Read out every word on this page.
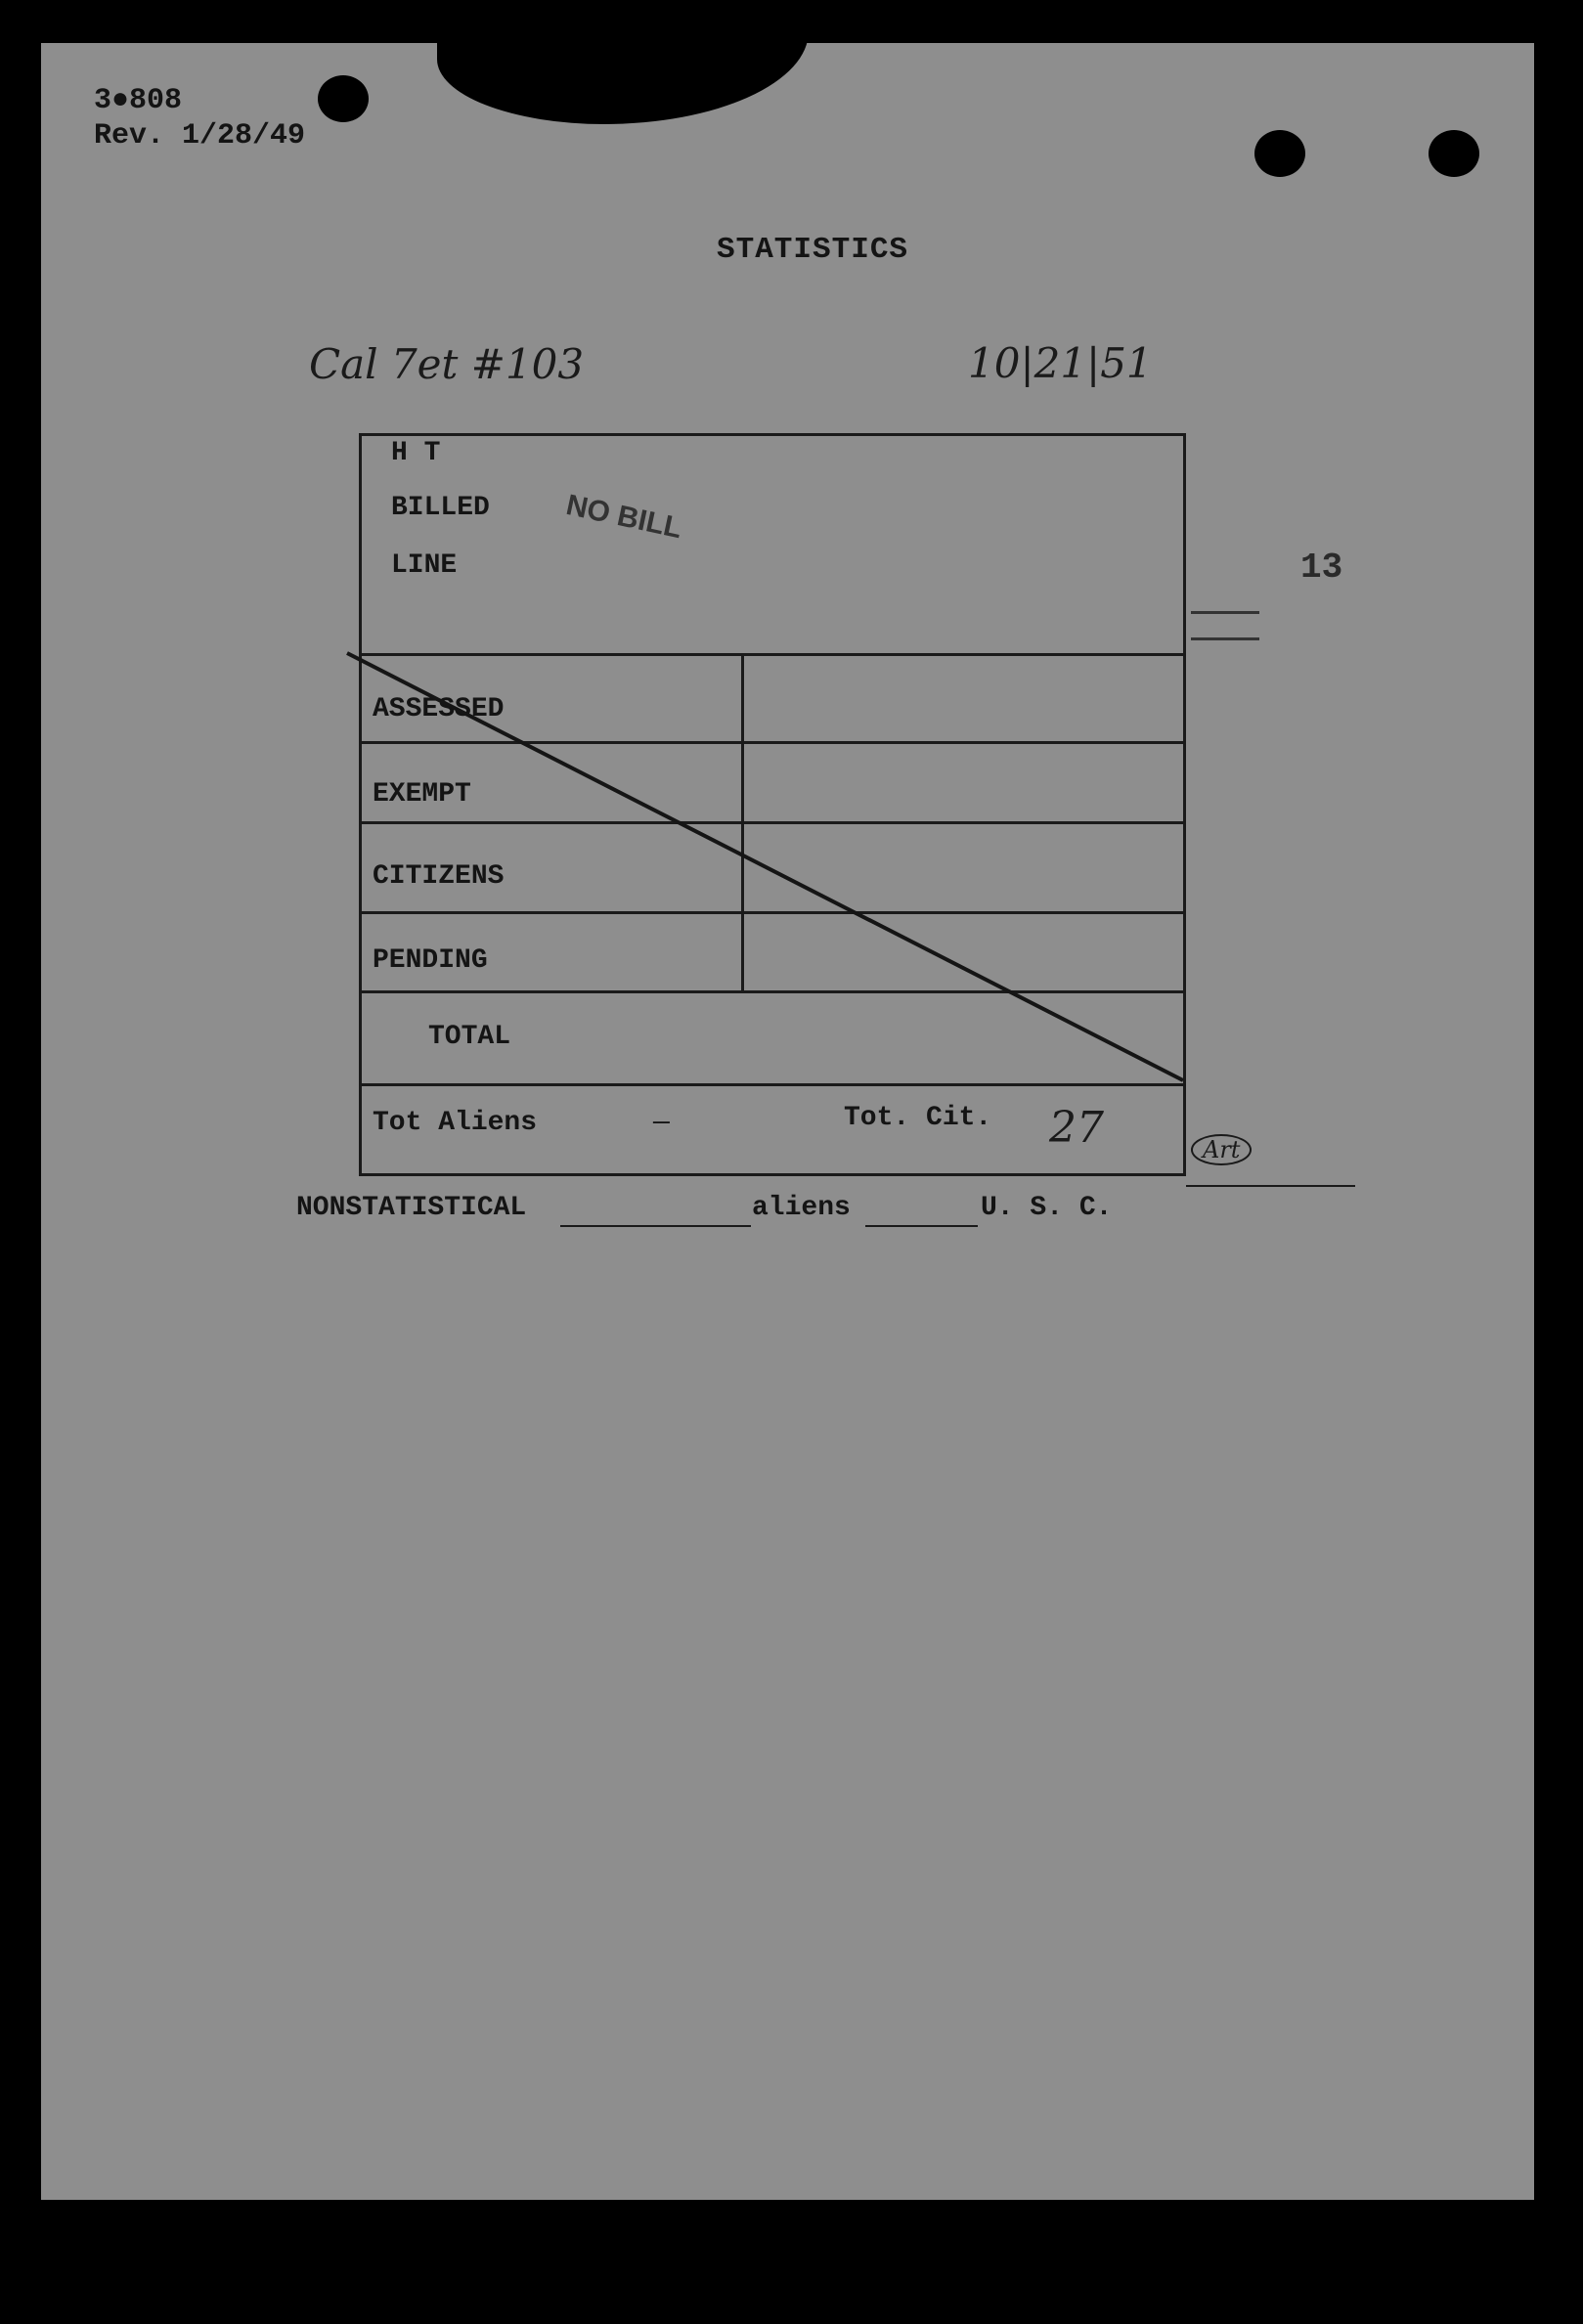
3●808
Rev. 1/28/49
STATISTICS
Cal 7et #103	10|21|51
13
H T
BILLED
LINE
NO BILL
ASSESSED
EXEMPT
CITIZENS
PENDING
TOTAL
Tot Aliens	—	Tot. Cit. 27	Art
NONSTATISTICAL	aliens	U. S. C.
